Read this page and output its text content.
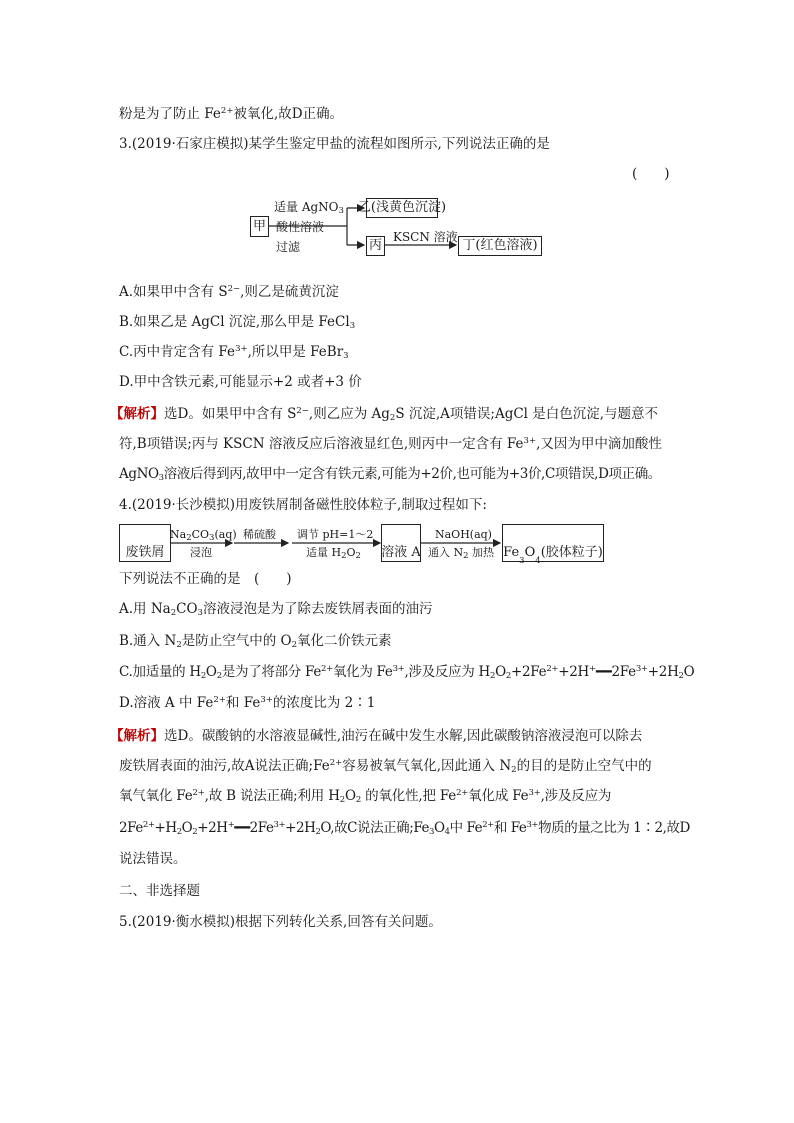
粉是为了防止 $Fe^{2+}$被氧化,故D正确。
3.(2019·石家庄模拟)某学生鉴定甲盐的流程如图所示,下列说法正确的是
(　　)
甲
适量 AgNO$_3$
酸性溶液
过滤
乙(浅黄色沉淀)
丙
KSCN 溶液
丁(红色溶液)
A.如果甲中含有 $S^{2-}$,则乙是硫黄沉淀
B.如果乙是 AgCl 沉淀,那么甲是 FeCl$_3$
C.丙中肯定含有 $Fe^{3+}$,所以甲是 FeBr$_3$
D.甲中含铁元素,可能显示+2 或者+3 价
【解析】选D。如果甲中含有 $S^{2-}$,则乙应为 $Ag_2S$ 沉淀,A项错误;AgCl 是白色沉淀,与题意不
符,B项错误;丙与 KSCN 溶液反应后溶液显红色,则丙中一定含有 $Fe^{3+}$,又因为甲中滴加酸性
AgNO$_3$溶液后得到丙,故甲中一定含有铁元素,可能为+2价,也可能为+3价,C项错误,D项正确。
4.(2019·长沙模拟)用废铁屑制备磁性胶体粒子,制取过程如下:
废铁屑
$Na_2CO_3(aq)$
浸泡
稀硫酸 调节 pH=1～2
适量 $H_2O_2$ 溶液 A
NaOH(aq)
通入 $N_2$ 加热 Fe
3
O
4
(胶体粒子)
下列说法不正确的是　(　　)
A.用 $Na_2CO_3$溶液浸泡是为了除去废铁屑表面的油污
B.通入 $N_2$是防止空气中的 $O_2$氧化二价铁元素
C.加适量的 $H_2O_2$是为了将部分 $Fe^{2+}$氧化为 $Fe^{3+}$,涉及反应为 $H_2O_2+2Fe^{2+}+2H^+━━2Fe^{3+}+2H_2O$
D.溶液 A 中 $Fe^{2+}$和 $Fe^{3+}$的浓度比为 2∶1
【解析】选D。碳酸钠的水溶液显碱性,油污在碱中发生水解,因此碳酸钠溶液浸泡可以除去
废铁屑表面的油污,故A说法正确$;Fe^{2+}$容易被氧气氧化,因此通入 $N_2$的目的是防止空气中的
氧气氧化 $Fe^{2+}$,故 B 说法正确;利用 $H_2O_2$ 的氧化性,把 $Fe^{2+}$氧化成 $Fe^{3+}$,涉及反应为
$2Fe^{2+}+H_2O_2+2H^+━━2Fe^{3+}+2H_2O$,故C说法正确$;Fe_3O_4$中 $Fe^{2+}$和 $Fe^{3+}$物质的量之比为 1∶2,故D
说法错误。
二、非选择题
5.(2019·衡水模拟)根据下列转化关系,回答有关问题。
